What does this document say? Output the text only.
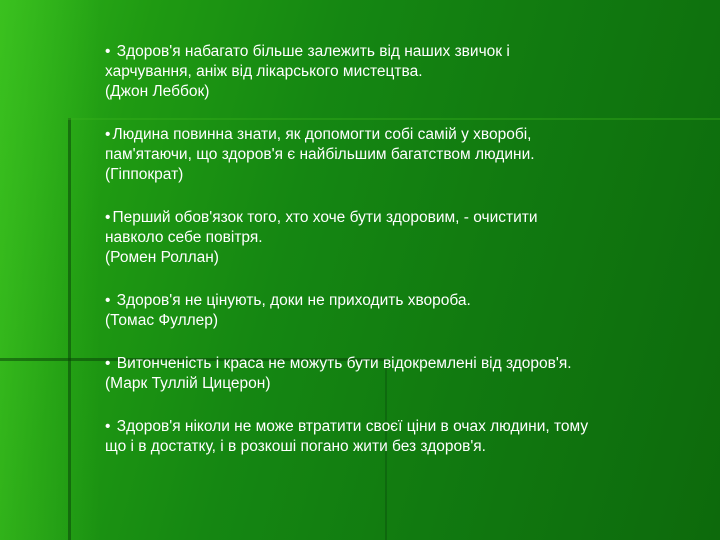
• Здоров'я набагато більше залежить від наших звичок і

харчування, аніж від лікарського мистецтва.

(Джон Леббок)

• Людина повинна знати, як допомогти собі самій у хворобі,

пам'ятаючи, що здоров'я є найбільшим багатством людини.

(Гіппократ)

• Перший обов'язок того, хто хоче бути здоровим, - очистити

навколо себе повітря.

(Ромен Роллан)

• Здоров'я не цінують, доки не приходить хвороба.

(Томас Фуллер)

• Витонченість і краса не можуть бути відокремлені від здоров'я.

(Марк Туллій Цицерон)

• Здоров'я ніколи не може втратити своєї ціни в очах людини, тому

що і в достатку, і в розкоші погано жити без здоров'я.
